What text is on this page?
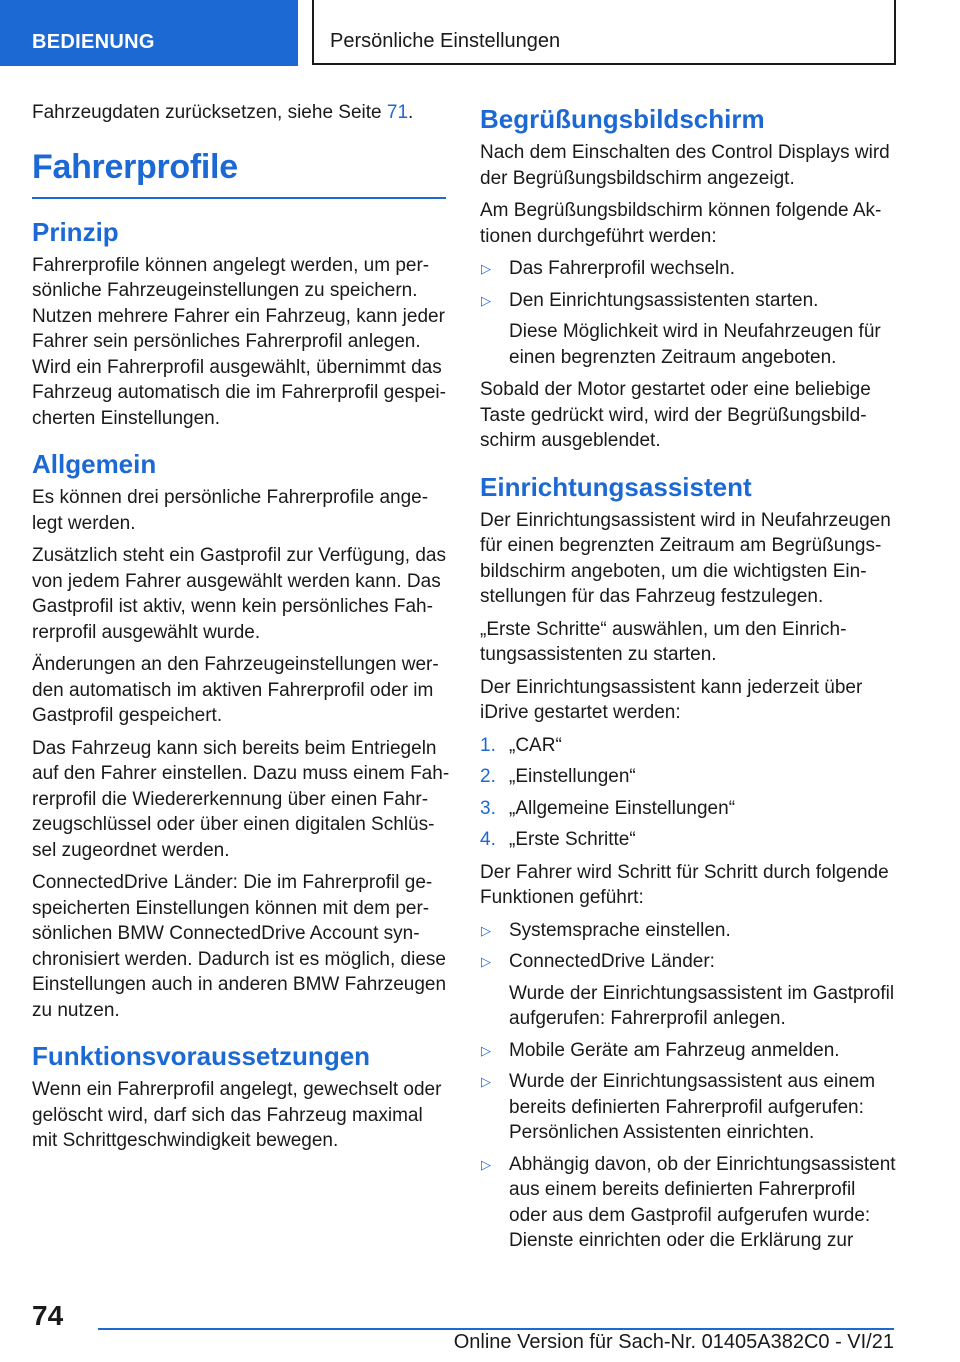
BEDIENUNG	Persönliche Einstellungen

Fahrzeugdaten zurücksetzen, siehe Seite 71.

Fahrerprofile
Prinzip

Fahrerprofile können angelegt werden, um persönliche Fahrzeugeinstellungen zu speichern. Nutzen mehrere Fahrer ein Fahrzeug, kann jeder Fahrer sein persönliches Fahrerprofil anlegen. Wird ein Fahrerprofil ausgewählt, übernimmt das Fahrzeug automatisch die im Fahrerprofil gespeicherten Einstellungen.

Allgemein

Es können drei persönliche Fahrerprofile angelegt werden.

Zusätzlich steht ein Gastprofil zur Verfügung, das von jedem Fahrer ausgewählt werden kann. Das Gastprofil ist aktiv, wenn kein persönliches Fahrerprofil ausgewählt wurde.

Änderungen an den Fahrzeugeinstellungen werden automatisch im aktiven Fahrerprofil oder im Gastprofil gespeichert.

Das Fahrzeug kann sich bereits beim Entriegeln auf den Fahrer einstellen. Dazu muss einem Fahrerprofil die Wiedererkennung über einen Fahrzeugschlüssel oder über einen digitalen Schlüssel zugeordnet werden.

ConnectedDrive Länder: Die im Fahrerprofil gespeicherten Einstellungen können mit dem persönlichen BMW ConnectedDrive Account synchronisiert werden. Dadurch ist es möglich, diese Einstellungen auch in anderen BMW Fahrzeugen zu nutzen.

Funktionsvoraussetzungen

Wenn ein Fahrerprofil angelegt, gewechselt oder gelöscht wird, darf sich das Fahrzeug maximal mit Schrittgeschwindigkeit bewegen.

Begrüßungsbildschirm

Nach dem Einschalten des Control Displays wird der Begrüßungsbildschirm angezeigt.

Am Begrüßungsbildschirm können folgende Aktionen durchgeführt werden:

▷ Das Fahrerprofil wechseln.
▷ Den Einrichtungsassistenten starten.
Diese Möglichkeit wird in Neufahrzeugen für einen begrenzten Zeitraum angeboten.

Sobald der Motor gestartet oder eine beliebige Taste gedrückt wird, wird der Begrüßungsbildschirm ausgeblendet.

Einrichtungsassistent

Der Einrichtungsassistent wird in Neufahrzeugen für einen begrenzten Zeitraum am Begrüßungsbildschirm angeboten, um die wichtigsten Einstellungen für das Fahrzeug festzulegen.

„Erste Schritte“ auswählen, um den Einrichtungsassistenten zu starten.

Der Einrichtungsassistent kann jederzeit über iDrive gestartet werden:

1. „CAR“
2. „Einstellungen“
3. „Allgemeine Einstellungen“
4. „Erste Schritte“

Der Fahrer wird Schritt für Schritt durch folgende Funktionen geführt:

▷ Systemsprache einstellen.
▷ ConnectedDrive Länder:
Wurde der Einrichtungsassistent im Gastprofil aufgerufen: Fahrerprofil anlegen.
▷ Mobile Geräte am Fahrzeug anmelden.
▷ Wurde der Einrichtungsassistent aus einem bereits definierten Fahrerprofil aufgerufen: Persönlichen Assistenten einrichten.
▷ Abhängig davon, ob der Einrichtungsassistent aus einem bereits definierten Fahrerprofil oder aus dem Gastprofil aufgerufen wurde: Dienste einrichten oder die Erklärung zur
74
Online Version für Sach-Nr. 01405A382C0 - VI/21
